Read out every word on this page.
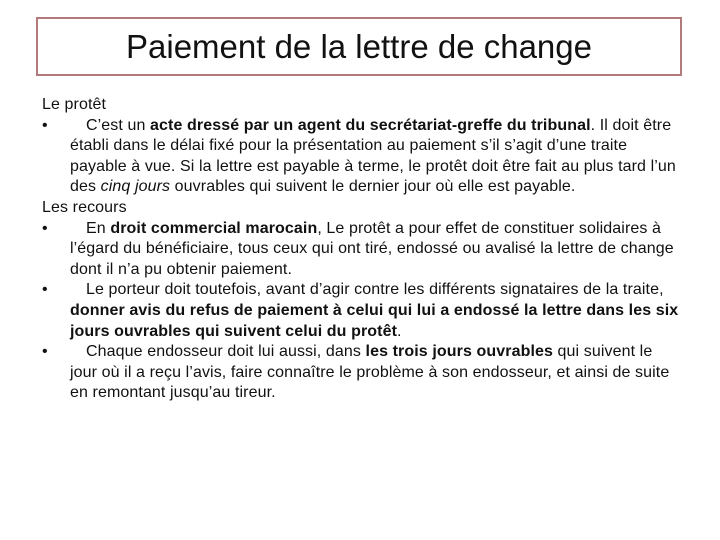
Paiement de la lettre de change

Le protêt

•	C’est un acte dressé par un agent du secrétariat-greffe du tribunal. Il doit être établi dans le délai fixé pour la présentation au paiement s’il s’agit d’une traite payable à vue. Si la lettre est payable à terme, le protêt doit être fait au plus tard l’un des cinq jours ouvrables qui suivent le dernier jour où elle est payable.

Les recours

•	En droit commercial marocain, Le protêt a pour effet de constituer solidaires à l’égard du bénéficiaire, tous ceux qui ont tiré, endossé ou avalisé la lettre de change dont il n’a pu obtenir paiement.

•	Le porteur doit toutefois, avant d’agir contre les différents signataires de la traite, donner avis du refus de paiement à celui qui lui a endossé la lettre dans les six jours ouvrables qui suivent celui du protêt.

•	Chaque endosseur doit lui aussi, dans les trois jours ouvrables qui suivent le jour où il a reçu l’avis, faire connaître le problème à son endosseur, et ainsi de suite en remontant jusqu’au tireur.
